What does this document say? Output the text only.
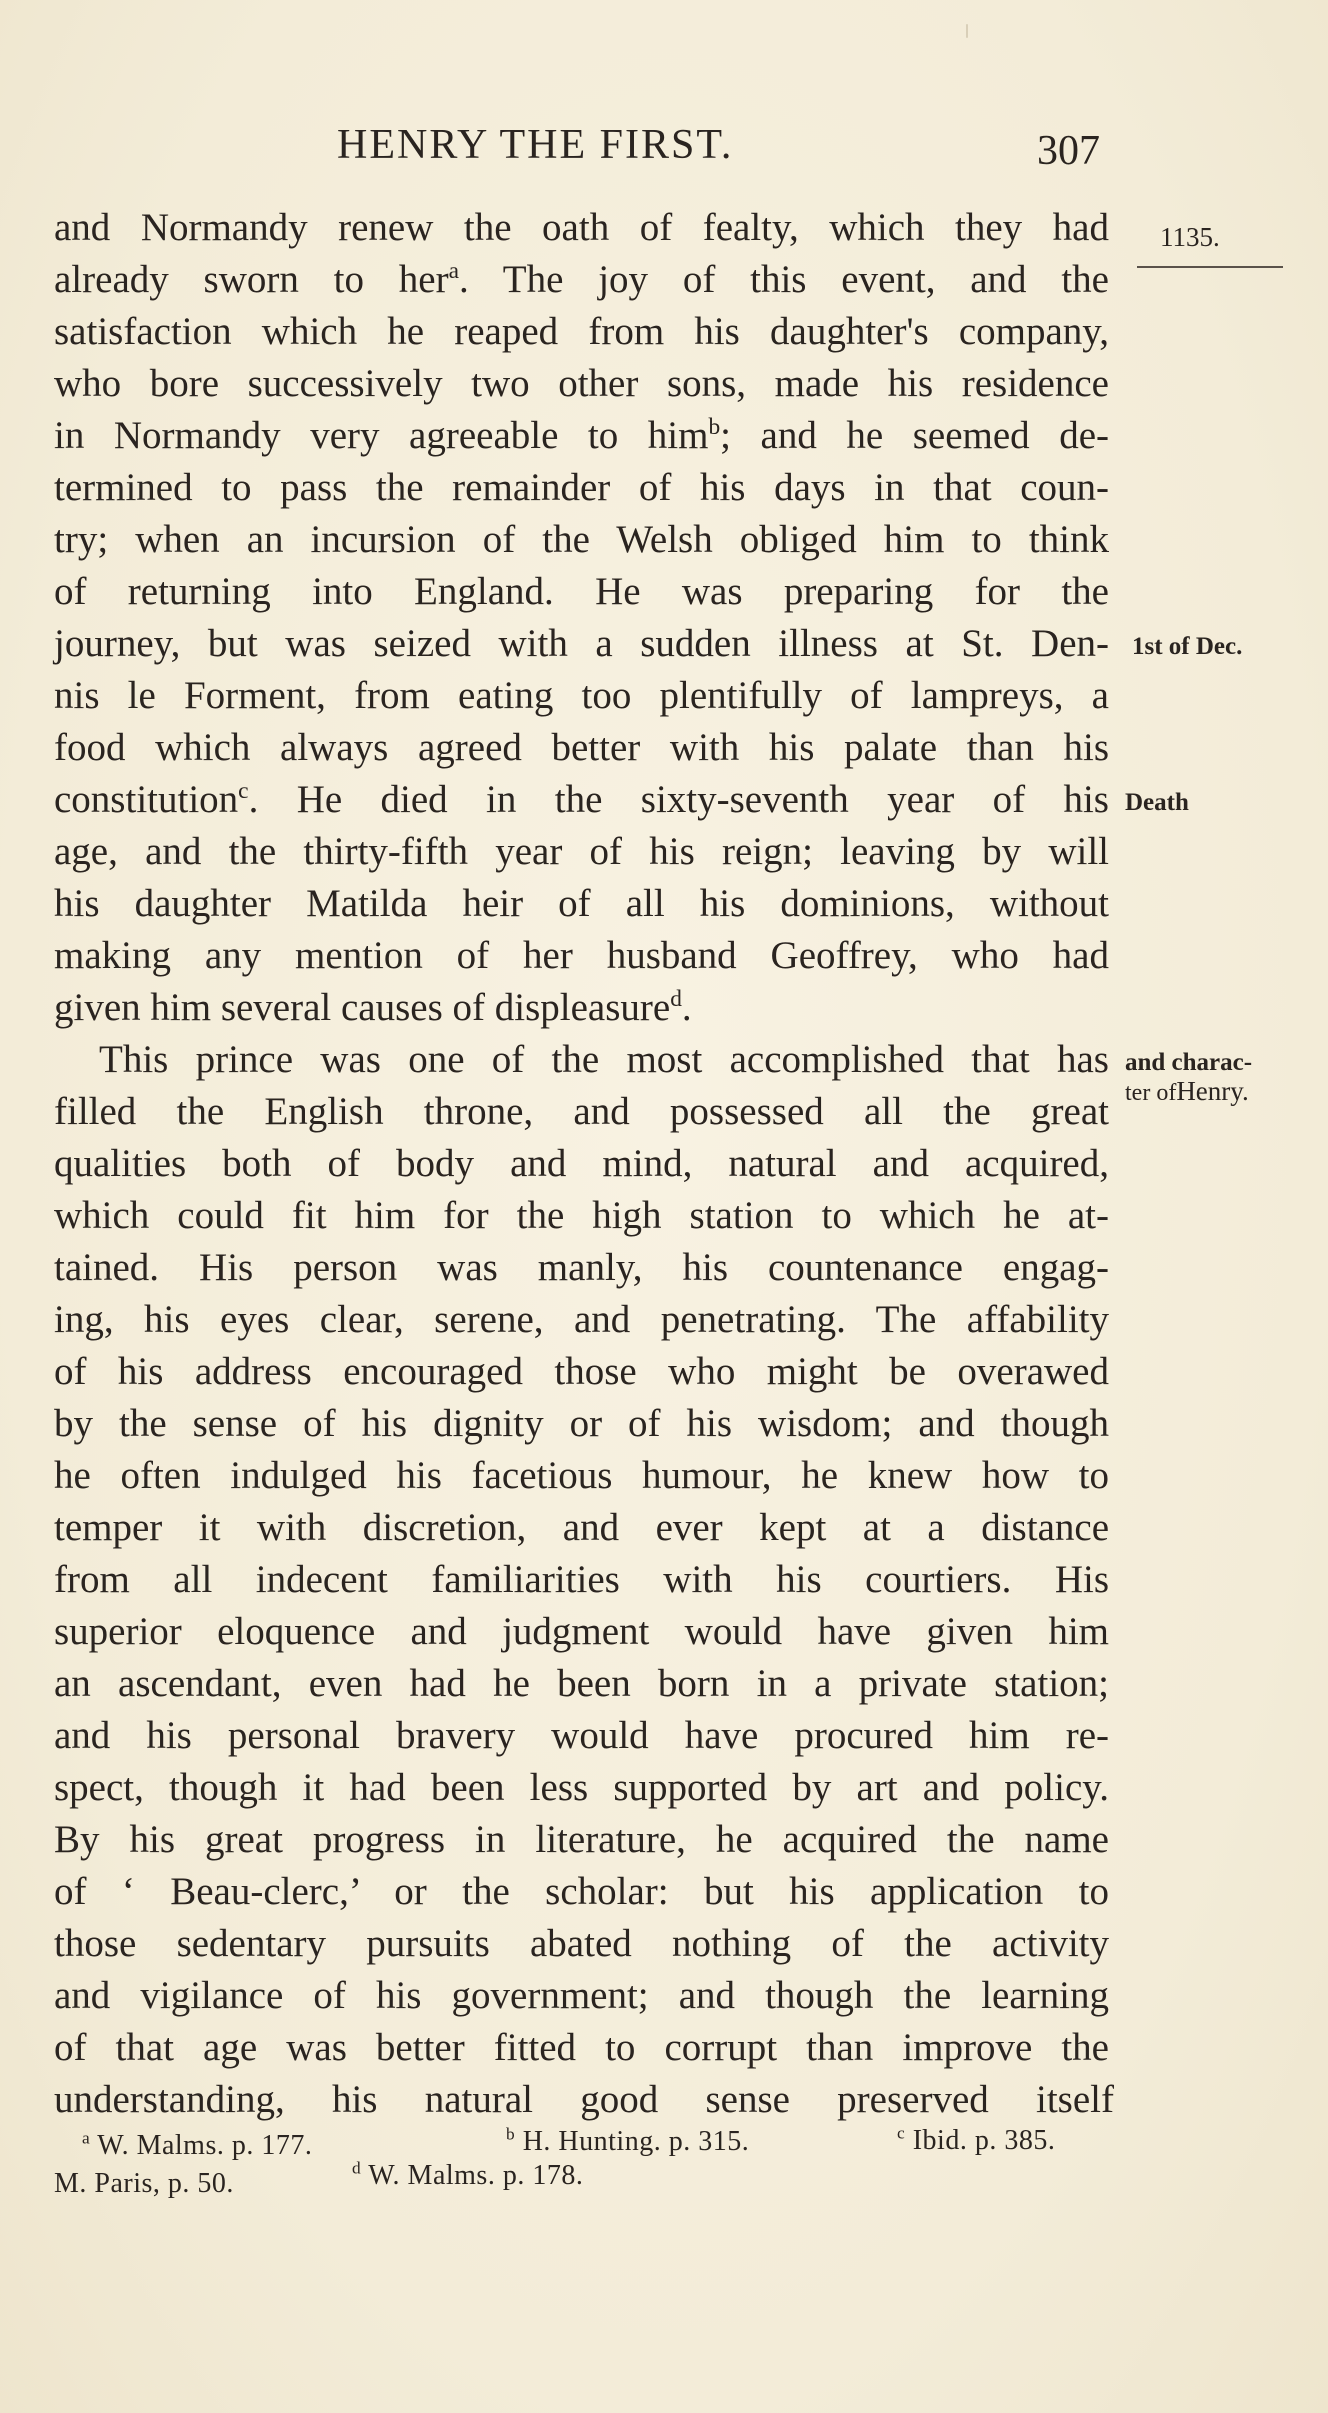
HENRY THE FIRST.	307
and Normandy renew the oath of fealty, which they had
already sworn to her$^a$. The joy of this event, and the
satisfaction which he reaped from his daughter's company,
who bore successively two other sons, made his residence
in Normandy very agreeable to him$^b$; and he seemed de-
termined to pass the remainder of his days in that coun-
try; when an incursion of the Welsh obliged him to think
of returning into England. He was preparing for the
journey, but was seized with a sudden illness at St. Den-
nis le Forment, from eating too plentifully of lampreys, a
food which always agreed better with his palate than his
constitution$^c$. He died in the sixty-seventh year of his
age, and the thirty-fifth year of his reign; leaving by will
his daughter Matilda heir of all his dominions, without
making any mention of her husband Geoffrey, who had
given him several causes of displeasure$^d$.
This prince was one of the most accomplished that has
filled the English throne, and possessed all the great
qualities both of body and mind, natural and acquired,
which could fit him for the high station to which he at-
tained. His person was manly, his countenance engag-
ing, his eyes clear, serene, and penetrating. The affability
of his address encouraged those who might be overawed
by the sense of his dignity or of his wisdom; and though
he often indulged his facetious humour, he knew how to
temper it with discretion, and ever kept at a distance
from all indecent familiarities with his courtiers. His
superior eloquence and judgment would have given him
an ascendant, even had he been born in a private station;
and his personal bravery would have procured him re-
spect, though it had been less supported by art and policy.
By his great progress in literature, he acquired the name
of ‘ Beau-clerc,’ or the scholar: but his application to
those sedentary pursuits abated nothing of the activity
and vigilance of his government; and though the learning
of that age was better fitted to corrupt than improve the
understanding, his natural good sense preserved itself
1135.
1st of Dec.
Death
and charac-
ter ofHenry.
$^a$ W. Malms. p. 177.	$^b$ H. Hunting. p. 315.	$^c$ Ibid. p. 385.
M. Paris, p. 50.	$^d$ W. Malms. p. 178.
